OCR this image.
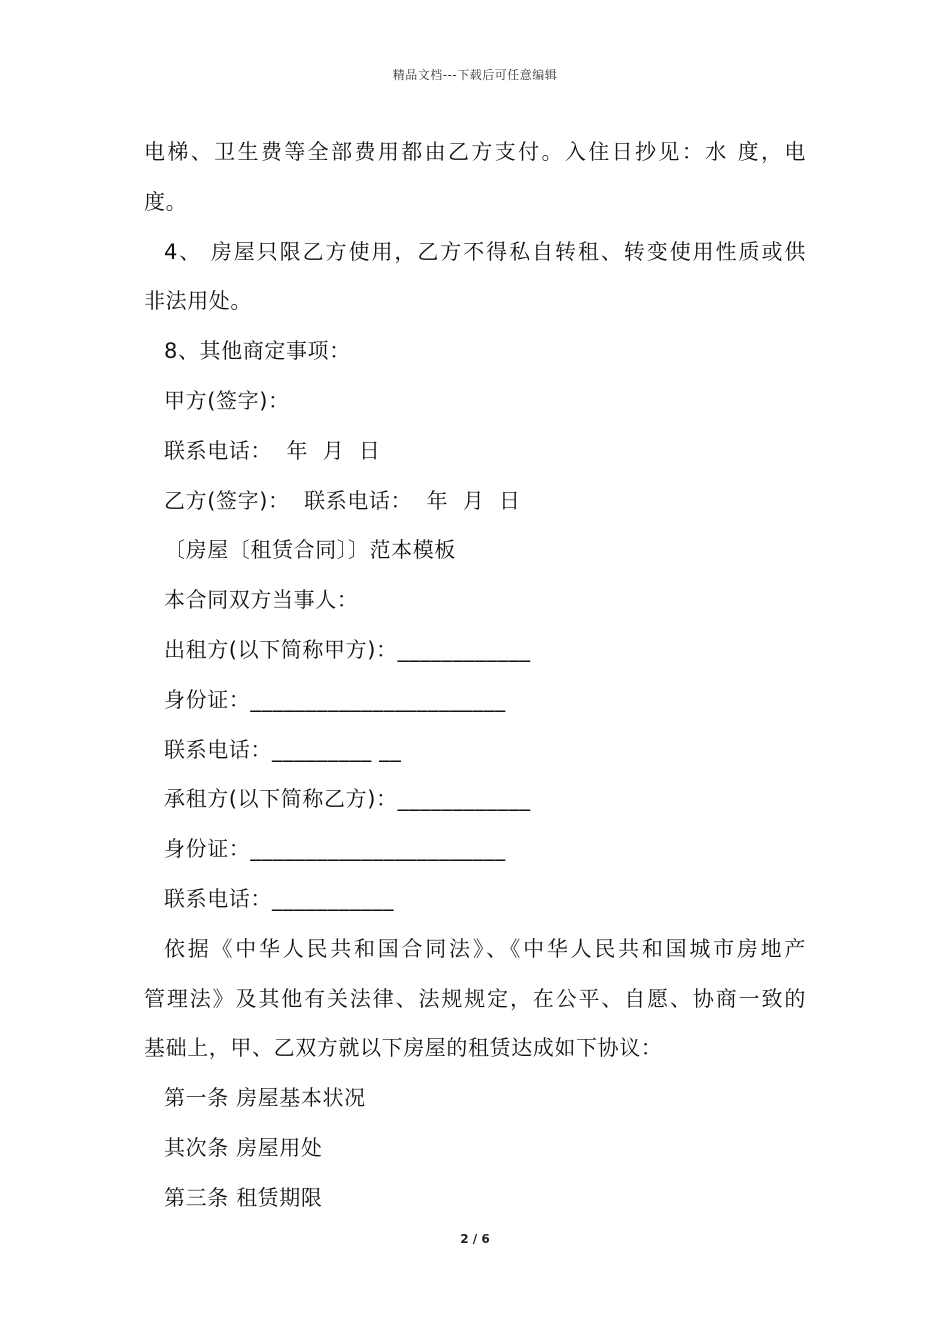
精品文档---下载后可任意编辑
电梯、卫生费等全部费用都由乙方支付。入住日抄见：水 度，电
度。
4、 房屋只限乙方使用，乙方不得私自转租、转变使用性质或供
非法用处。
8、其他商定事项：
甲方(签字)：
联系电话：  年  月  日
乙方(签字)：  联系电话：  年  月  日
〔房屋〔租赁合同〕〕范本模板
本合同双方当事人：
出租方(以下简称甲方)：____________
身份证：_______________________
联系电话：_________ __
承租方(以下简称乙方)：____________
身份证：_______________________
联系电话：___________
依据《中华人民共和国合同法》、《中华人民共和国城市房地产
管理法》及其他有关法律、法规规定，在公平、自愿、协商一致的
基础上，甲、乙双方就以下房屋的租赁达成如下协议：
第一条 房屋基本状况
其次条 房屋用处
第三条 租赁期限
2 / 6
